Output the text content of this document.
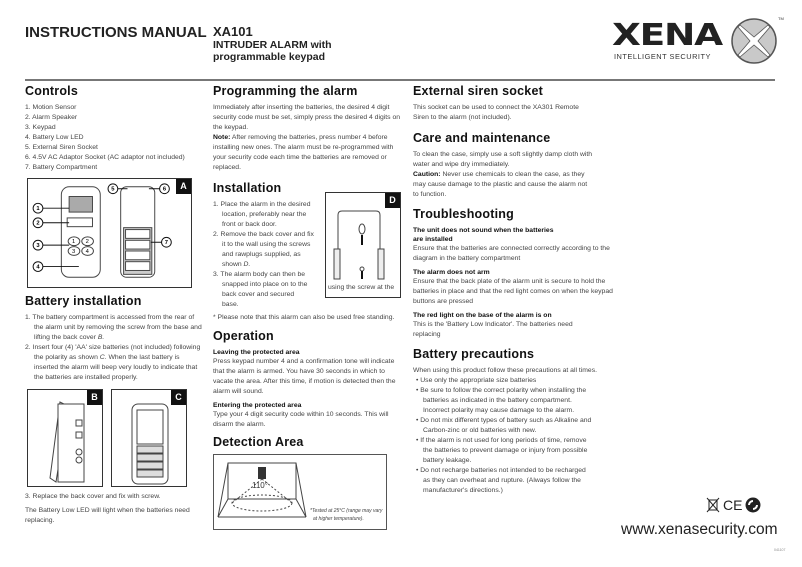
INSTRUCTIONS MANUAL XA101
INTRUDER ALARM with
programmable keypad
XENA
INTELLIGENT SECURITY
TM
Controls
1. Motion Sensor
2. Alarm Speaker
3. Keypad
4. Battery Low LED
5. External Siren Socket
6. 4.5V AC Adaptor Socket (AC adaptor not included)
7. Battery Compartment
A
1 2
3 4
1
2
3
4
5	6
7
Battery installation
1. The battery compartment is accessed from the rear of the alarm unit by removing the screw from the base and lifting the back cover B.
2. Insert four (4) 'AA' size batteries (not included) following the polarity as shown C. When the last battery is inserted the alarm will beep very loudly to indicate that the batteries are installed properly.
B	C
3. Replace the back cover and fix with screw.
The Battery Low LED will light when the batteries need replacing.
Programming the alarm
Immediately after inserting the batteries, the desired 4 digit security code must be set, simply press the desired 4 digits on the keypad.
Note: After removing the batteries, press number 4 before installing new ones. The alarm must be re-programmed with your security code each time the batteries are removed or replaced.
Installation
D
using the screw at the
1. Place the alarm in the desired location, preferably near the front or back door.
2. Remove the back cover and fix it to the wall using the screws and rawplugs supplied, as shown D.
3. The alarm body can then be snapped into place on to the back cover and secured
base.
* Please note that this alarm can also be used free standing.
Operation
Leaving the protected area

Press keypad number 4 and a confirmation tone will indicate that the alarm is armed. You have 30 seconds in which to vacate the area. After this time, if motion is detected then the alarm will sound.

Entering the protected area

Type your 4 digit security code within 10 seconds. This will disarm the alarm.

Detection Area
110°
*Tested at 25°C (range may vary
at higher temperature).
External siren socket

This socket can be used to connect the XA301 Remote Siren to the alarm (not included).

Care and maintenance
To clean the case, simply use a soft slightly damp cloth with water and wipe dry immediately.

Caution: Never use chemicals to clean the case, as they may cause damage to the plastic and cause the alarm not to function.

Troubleshooting
The unit does not sound when the batteries are installed

Ensure that the batteries are connected correctly according to the diagram in the battery compartment

The alarm does not arm

Ensure that the back plate of the alarm unit is secure to hold the batteries in place and that the red light comes on when the keypad buttons are pressed

The red light on the base of the alarm is on

This is the 'Battery Low Indicator'. The batteries need replacing

Battery precautions
When using this product follow these precautions at all times.
• Use only the appropriate size batteries
• Be sure to follow the correct polarity when installing the batteries as indicated in the battery compartment. Incorrect polarity may cause damage to the alarm.
• Do not mix different types of battery such as Alkaline and Carbon-zinc or old batteries with new.
• If the alarm is not used for long periods of time, remove the batteries to prevent damage or injury from possible battery leakage.
• Do not recharge batteries not intended to be recharged as they can overheat and rupture. (Always follow the manufacturer's directions.)
CE
www.xenasecurity.com
041107
